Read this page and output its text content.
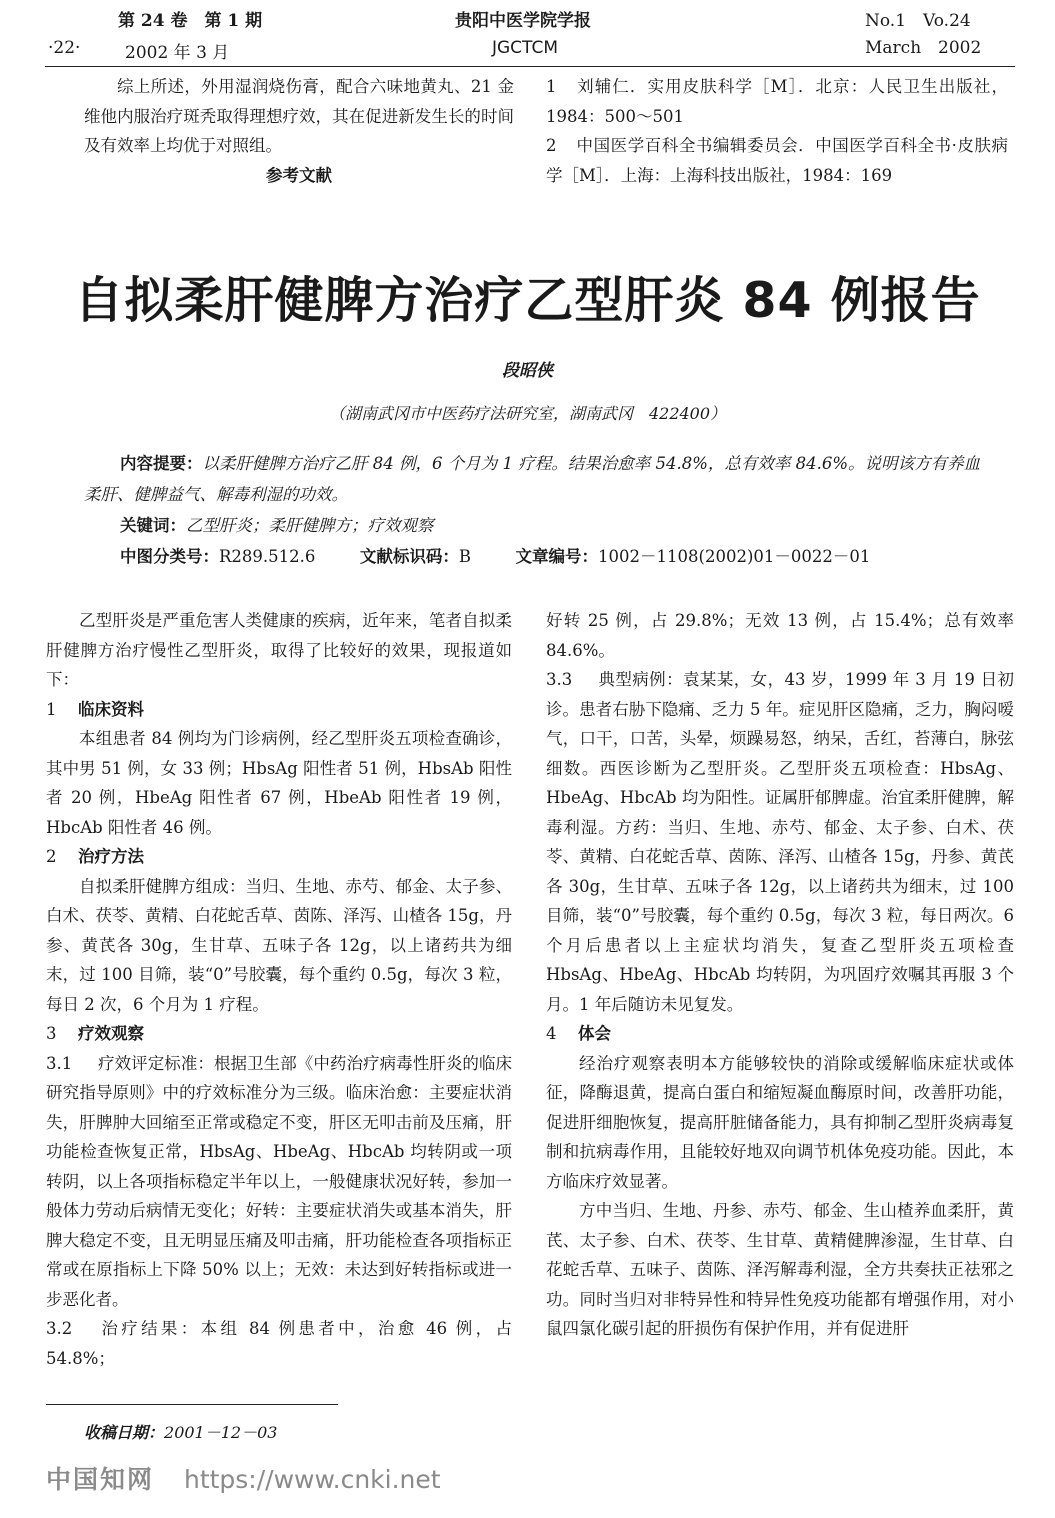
第 24 卷　第 1 期	贵阳中医学院学报	No.1　Vo.24
·22·	2002 年 3 月	JGCTCM	March 2002

综上所述，外用湿润烧伤膏，配合六味地黄丸、21 金维他内服治疗斑秃取得理想疗效，其在促进新发生长的时间及有效率上均优于对照组。

参考文献

1 刘辅仁．实用皮肤科学［M］．北京：人民卫生出版社，1984：500～501

2 中国医学百科全书编辑委员会．中国医学百科全书·皮肤病学［M］．上海：上海科技出版社，1984：169

自拟柔肝健脾方治疗乙型肝炎 84 例报告
段昭侠
（湖南武冈市中医药疗法研究室，湖南武冈　422400）
内容提要：以柔肝健脾方治疗乙肝 84 例，6 个月为 1 疗程。结果治愈率 54.8%，总有效率 84.6%。说明该方有养血柔肝、健脾益气、解毒利湿的功效。
关键词：乙型肝炎；柔肝健脾方；疗效观察
中图分类号：R289.512.6	文献标识码：B	文章编号：1002－1108(2002)01－0022－01

乙型肝炎是严重危害人类健康的疾病，近年来，笔者自拟柔肝健脾方治疗慢性乙型肝炎，取得了比较好的效果，现报道如下：

1 临床资料

本组患者 84 例均为门诊病例，经乙型肝炎五项检查确诊，其中男 51 例，女 33 例；HbsAg 阳性者 51 例，HbsAb 阳性者 20 例，HbeAg 阳性者 67 例，HbeAb 阳性者 19 例，HbcAb 阳性者 46 例。

2 治疗方法

自拟柔肝健脾方组成：当归、生地、赤芍、郁金、太子参、白术、茯苓、黄精、白花蛇舌草、茵陈、泽泻、山楂各 15g，丹参、黄芪各 30g，生甘草、五味子各 12g，以上诸药共为细末，过 100 目筛，装“0”号胶囊，每个重约 0.5g，每次 3 粒，每日 2 次，6 个月为 1 疗程。

3 疗效观察

3.1 疗效评定标准：根据卫生部《中药治疗病毒性肝炎的临床研究指导原则》中的疗效标准分为三级。临床治愈：主要症状消失，肝脾肿大回缩至正常或稳定不变，肝区无叩击前及压痛，肝功能检查恢复正常，HbsAg、HbeAg、HbcAb 均转阴或一项转阴，以上各项指标稳定半年以上，一般健康状况好转，参加一般体力劳动后病情无变化；好转：主要症状消失或基本消失，肝脾大稳定不变，且无明显压痛及叩击痛，肝功能检查各项指标正常或在原指标上下降 50% 以上；无效：未达到好转指标或进一步恶化者。

3.2 治疗结果：本组 84 例患者中，治愈 46 例，占 54.8%；

好转 25 例，占 29.8%；无效 13 例，占 15.4%；总有效率 84.6%。

3.3 典型病例：袁某某，女，43 岁，1999 年 3 月 19 日初诊。患者右胁下隐痛、乏力 5 年。症见肝区隐痛，乏力，胸闷嗳气，口干，口苦，头晕，烦躁易怒，纳呆，舌红，苔薄白，脉弦细数。西医诊断为乙型肝炎。乙型肝炎五项检查：HbsAg、HbeAg、HbcAb 均为阳性。证属肝郁脾虚。治宜柔肝健脾，解毒利湿。方药：当归、生地、赤芍、郁金、太子参、白术、茯苓、黄精、白花蛇舌草、茵陈、泽泻、山楂各 15g，丹参、黄芪各 30g，生甘草、五味子各 12g，以上诸药共为细末，过 100 目筛，装“0”号胶囊，每个重约 0.5g，每次 3 粒，每日两次。6 个月后患者以上主症状均消失，复查乙型肝炎五项检查 HbsAg、HbeAg、HbcAb 均转阴，为巩固疗效嘱其再服 3 个月。1 年后随访未见复发。

4 体会

经治疗观察表明本方能够较快的消除或缓解临床症状或体征，降酶退黄，提高白蛋白和缩短凝血酶原时间，改善肝功能，促进肝细胞恢复，提高肝脏储备能力，具有抑制乙型肝炎病毒复制和抗病毒作用，且能较好地双向调节机体免疫功能。因此，本方临床疗效显著。

方中当归、生地、丹参、赤芍、郁金、生山楂养血柔肝，黄芪、太子参、白术、茯苓、生甘草、黄精健脾渗湿，生甘草、白花蛇舌草、五味子、茵陈、泽泻解毒利湿，全方共奏扶正祛邪之功。同时当归对非特异性和特异性免疫功能都有增强作用，对小鼠四氯化碳引起的肝损伤有保护作用，并有促进肝

收稿日期：2001－12－03
中国知网 https://www.cnki.net
